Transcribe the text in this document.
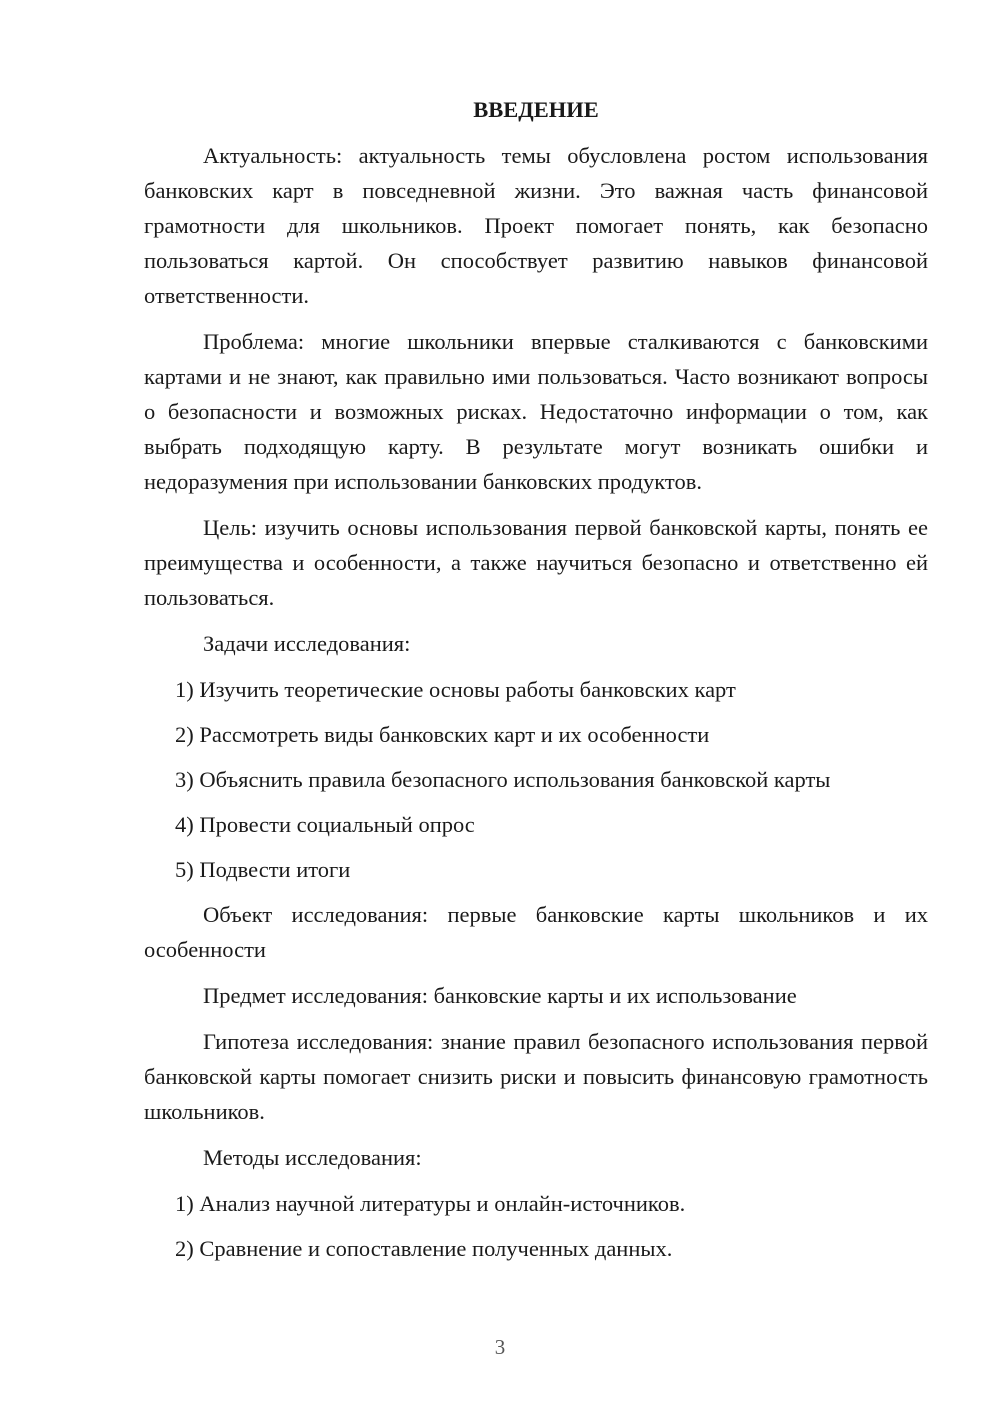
ВВЕДЕНИЕ

Актуальность: актуальность темы обусловлена ростом использования банковских карт в повседневной жизни. Это важная часть финансовой грамотности для школьников. Проект помогает понять, как безопасно пользоваться картой. Он способствует развитию навыков финансовой ответственности.

Проблема: многие школьники впервые сталкиваются с банковскими картами и не знают, как правильно ими пользоваться. Часто возникают вопросы о безопасности и возможных рисках. Недостаточно информации о том, как выбрать подходящую карту. В результате могут возникать ошибки и недоразумения при использовании банковских продуктов.

Цель: изучить основы использования первой банковской карты, понять ее преимущества и особенности, а также научиться безопасно и ответственно ей пользоваться.

Задачи исследования:

1) Изучить теоретические основы работы банковских карт
2) Рассмотреть виды банковских карт и их особенности
3) Объяснить правила безопасного использования банковской карты
4) Провести социальный опрос
5) Подвести итоги

Объект исследования: первые банковские карты школьников и их особенности

Предмет исследования: банковские карты и их использование

Гипотеза исследования: знание правил безопасного использования первой банковской карты помогает снизить риски и повысить финансовую грамотность школьников.

Методы исследования:

1) Анализ научной литературы и онлайн-источников.
2) Сравнение и сопоставление полученных данных.
3
